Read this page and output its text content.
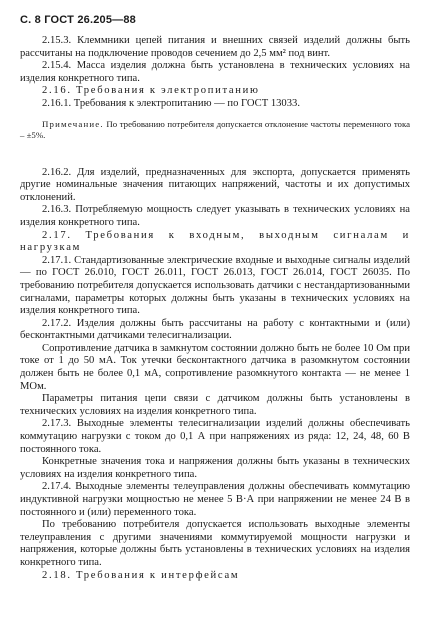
С. 8 ГОСТ 26.205—88

2.15.3. Клеммники цепей питания и внешних связей изделий должны быть рассчитаны на подключение проводов сечением до 2,5 мм² под винт.

2.15.4. Масса изделия должна быть установлена в технических условиях на изделия конкретного типа.

2.16. Требования к электропитанию

2.16.1. Требования к электропитанию — по ГОСТ 13033.

Примечание. По требованию потребителя допускается отклонение частоты переменного тока – ±5%.

2.16.2. Для изделий, предназначенных для экспорта, допускается применять другие номинальные значения питающих напряжений, частоты и их допустимых отклонений.

2.16.3. Потребляемую мощность следует указывать в технических условиях на изделия конкретного типа.

2.17. Требования к входным, выходным сигналам и нагрузкам

2.17.1. Стандартизованные электрические входные и выходные сигналы изделий — по ГОСТ 26.010, ГОСТ 26.011, ГОСТ 26.013, ГОСТ 26.014, ГОСТ 26035. По требованию потребителя допускается использовать датчики с нестандартизованными сигналами, параметры которых должны быть указаны в технических условиях на изделия конкретного типа.

2.17.2. Изделия должны быть рассчитаны на работу с контактными и (или) бесконтактными датчиками телесигнализации.

Сопротивление датчика в замкнутом состоянии должно быть не более 10 Ом при токе от 1 до 50 мА. Ток утечки бесконтактного датчика в разомкнутом состоянии должен быть не более 0,1 мА, сопротивление разомкнутого контакта — не менее 1 МОм.

Параметры питания цепи связи с датчиком должны быть установлены в технических условиях на изделия конкретного типа.

2.17.3. Выходные элементы телесигнализации изделий должны обеспечивать коммутацию нагрузки с током до 0,1 А при напряжениях из ряда: 12, 24, 48, 60 В постоянного тока.

Конкретные значения тока и напряжения должны быть указаны в технических условиях на изделия конкретного типа.

2.17.4. Выходные элементы телеуправления должны обеспечивать коммутацию индуктивной нагрузки мощностью не менее 5 В·А при напряжении не менее 24 В в постоянного и (или) переменного тока.

По требованию потребителя допускается использовать выходные элементы телеуправления с другими значениями коммутируемой мощности нагрузки и напряжения, которые должны быть установлены в технических условиях на изделия конкретного типа.

2.18. Требования к интерфейсам
